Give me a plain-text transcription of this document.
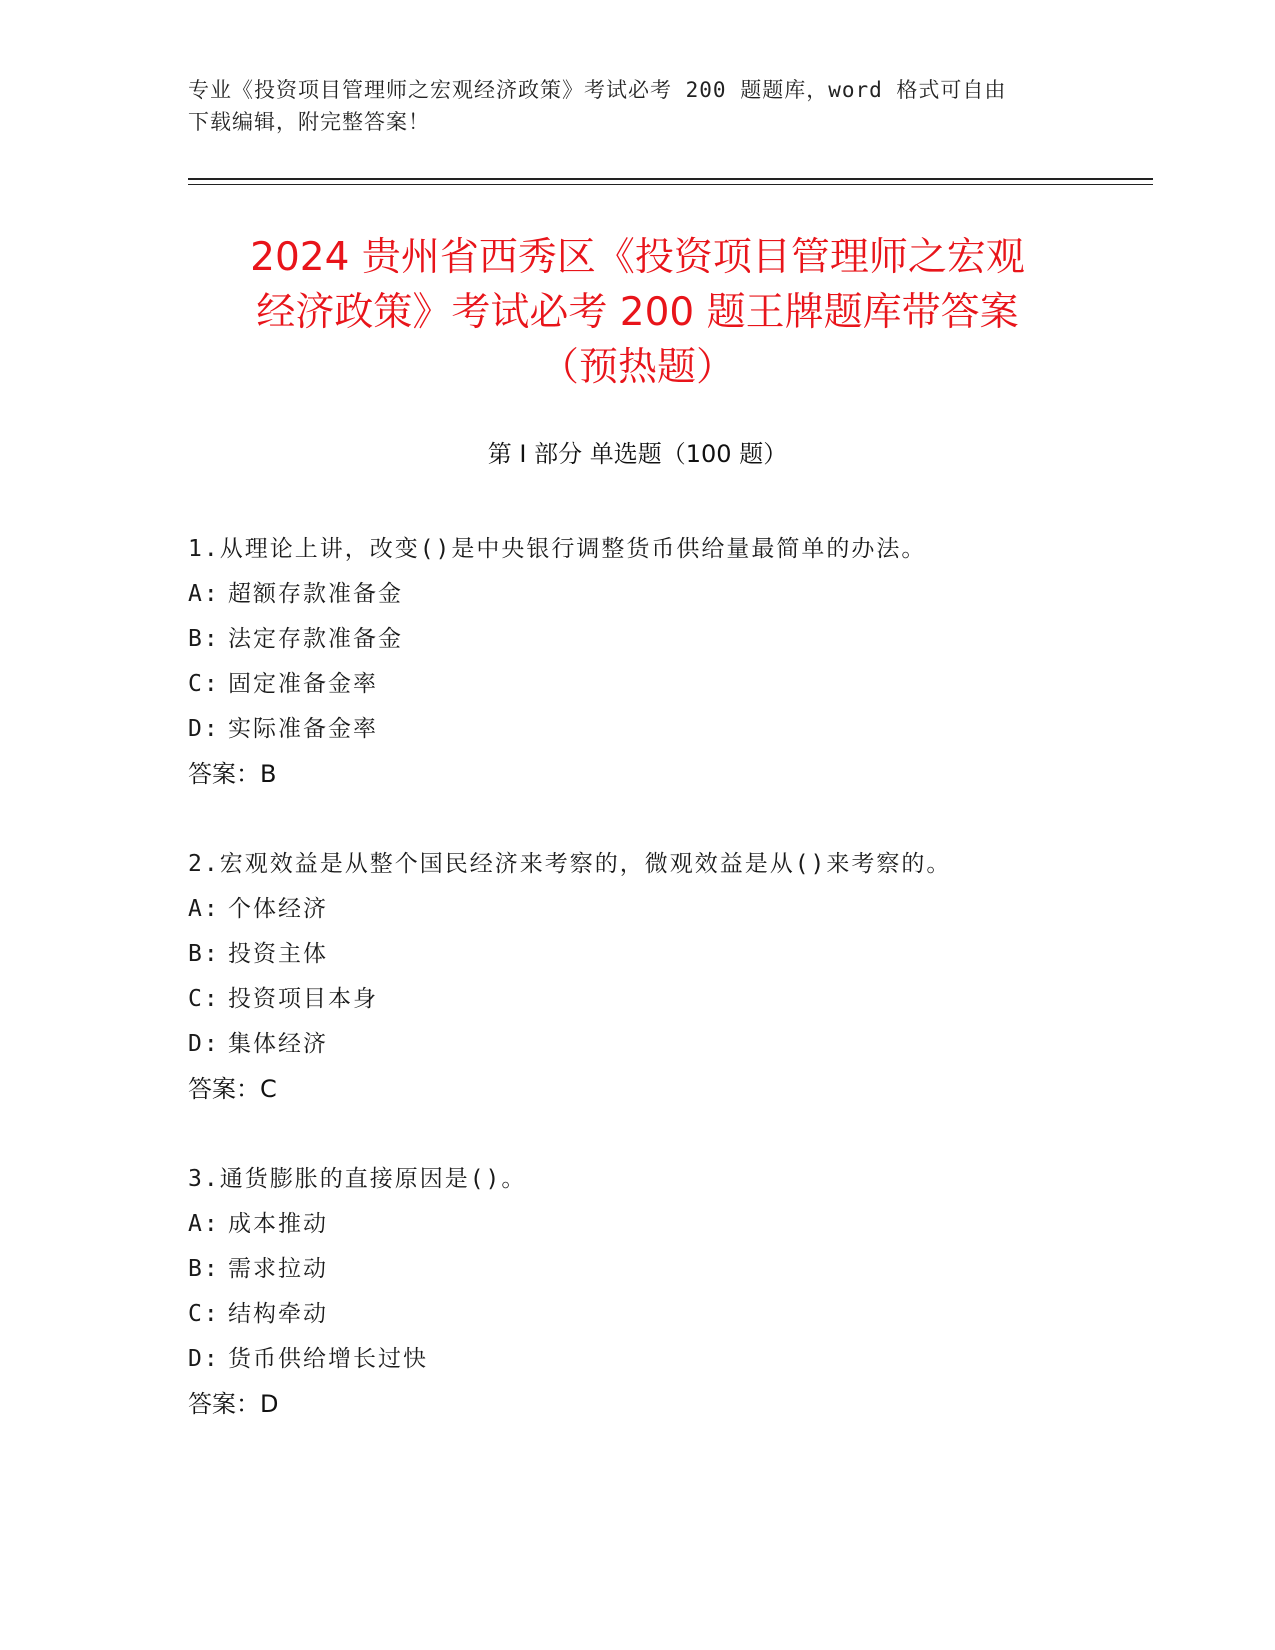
专业《投资项目管理师之宏观经济政策》考试必考 200 题题库，word 格式可自由
下载编辑，附完整答案！
2024 贵州省西秀区《投资项目管理师之宏观
经济政策》考试必考 200 题王牌题库带答案
（预热题）
第 I 部分 单选题（100 题）
1.从理论上讲，改变()是中央银行调整货币供给量最简单的办法。
A: 超额存款准备金
B: 法定存款准备金
C: 固定准备金率
D: 实际准备金率
答案：B
2.宏观效益是从整个国民经济来考察的，微观效益是从()来考察的。
A: 个体经济
B: 投资主体
C: 投资项目本身
D: 集体经济
答案：C
3.通货膨胀的直接原因是()。
A: 成本推动
B: 需求拉动
C: 结构牵动
D: 货币供给增长过快
答案：D
